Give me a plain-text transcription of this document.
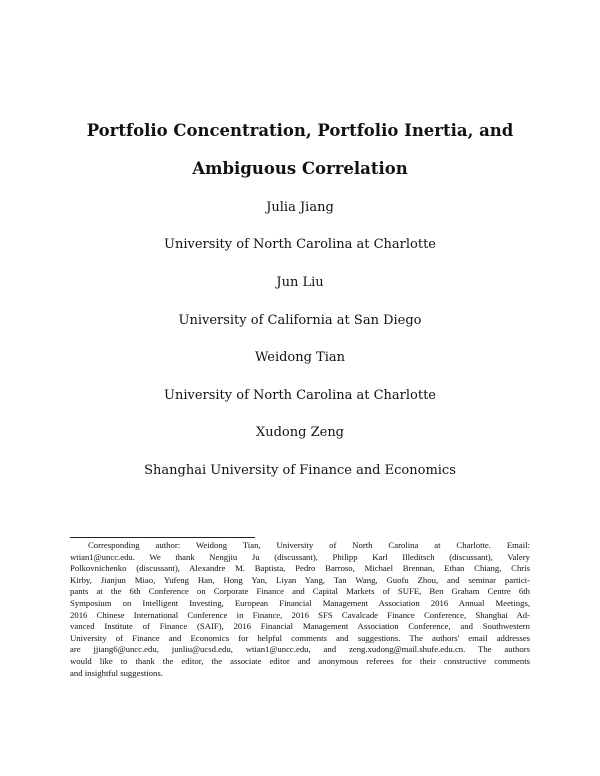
Portfolio Concentration, Portfolio Inertia, and
Ambiguous Correlation
Julia Jiang
University of North Carolina at Charlotte
Jun Liu
University of California at San Diego
Weidong Tian
University of North Carolina at Charlotte
Xudong Zeng
Shanghai University of Finance and Economics
Corresponding author: Weidong Tian, University of North Carolina at Charlotte. Email:
wtian1@uncc.edu. We thank Nengjiu Ju (discussant), Philipp Karl Illeditsch (discussant), Valery
Polkovnichenko (discussant), Alexandre M. Baptista, Pedro Barroso, Michael Brennan, Ethan Chiang, Chris
Kirby, Jianjun Miao, Yufeng Han, Hong Yan, Liyan Yang, Tan Wang, Guofu Zhou, and seminar partici-
pants at the 6th Conference on Corporate Finance and Capital Markets of SUFE, Ben Graham Centre 6th
Symposium on Intelligent Investing, European Financial Management Association 2016 Annual Meetings,
2016 Chinese International Conference in Finance, 2016 SFS Cavalcade Finance Conference, Shanghai Ad-
vanced Institute of Finance (SAIF), 2016 Financial Management Association Conference, and Southwestern
University of Finance and Economics for helpful comments and suggestions. The authors' email addresses
are jjiang6@uncc.edu, junliu@ucsd.edu, wtian1@uncc.edu, and zeng.xudong@mail.shufe.edu.cn. The authors
would like to thank the editor, the associate editor and anonymous referees for their constructive comments
and insightful suggestions.
